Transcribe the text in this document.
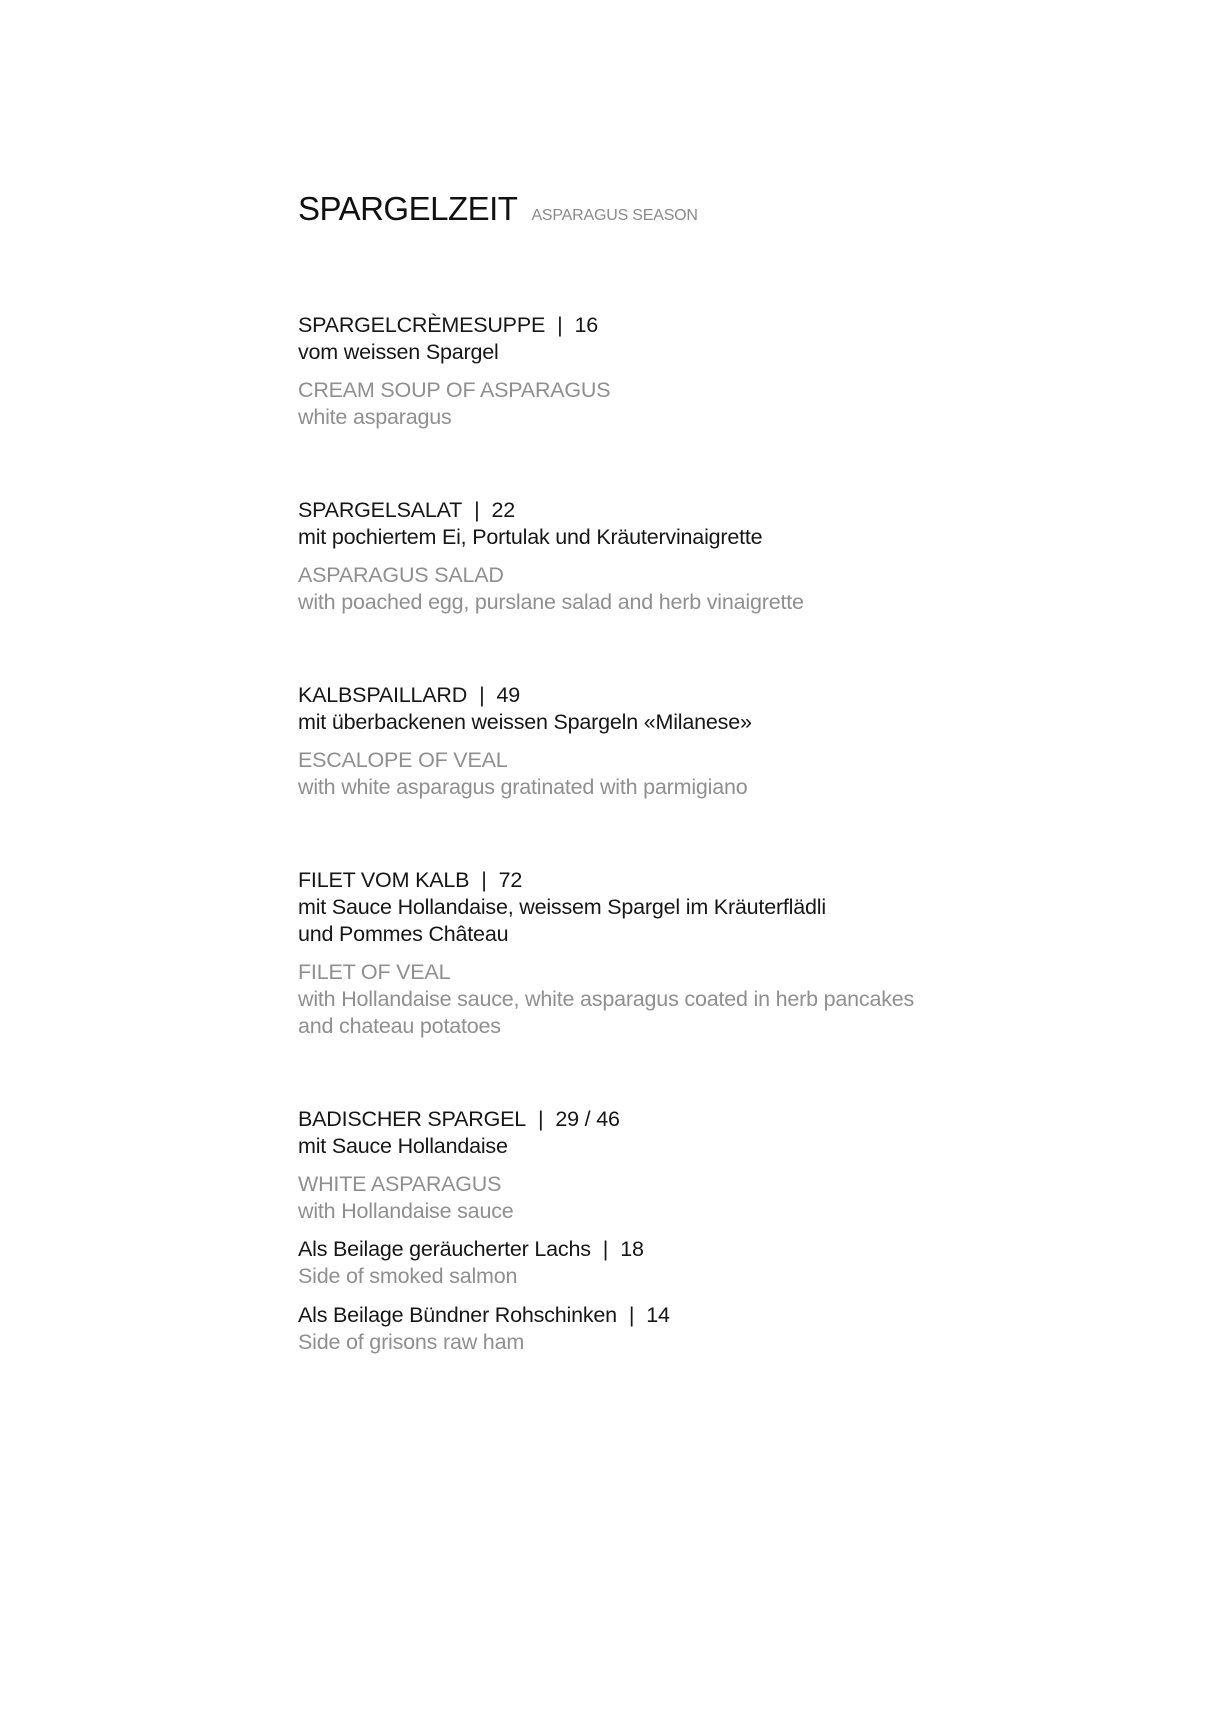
SPARGELZEIT ASPARAGUS SEASON
SPARGELCRÈMESUPPE | 16
vom weissen Spargel
CREAM SOUP OF ASPARAGUS
white asparagus
SPARGELSALAT | 22
mit pochiertem Ei, Portulak und Kräutervinaigrette
ASPARAGUS SALAD
with poached egg, purslane salad and herb vinaigrette
KALBSPAILLARD | 49
mit überbackenen weissen Spargeln «Milanese»
ESCALOPE OF VEAL
with white asparagus gratinated with parmigiano
FILET VOM KALB | 72
mit Sauce Hollandaise, weissem Spargel im Kräuterflädli
und Pommes Château
FILET OF VEAL
with Hollandaise sauce, white asparagus coated in herb pancakes
and chateau potatoes
BADISCHER SPARGEL | 29 / 46
mit Sauce Hollandaise
WHITE ASPARAGUS
with Hollandaise sauce
Als Beilage geräucherter Lachs | 18
Side of smoked salmon
Als Beilage Bündner Rohschinken | 14
Side of grisons raw ham
